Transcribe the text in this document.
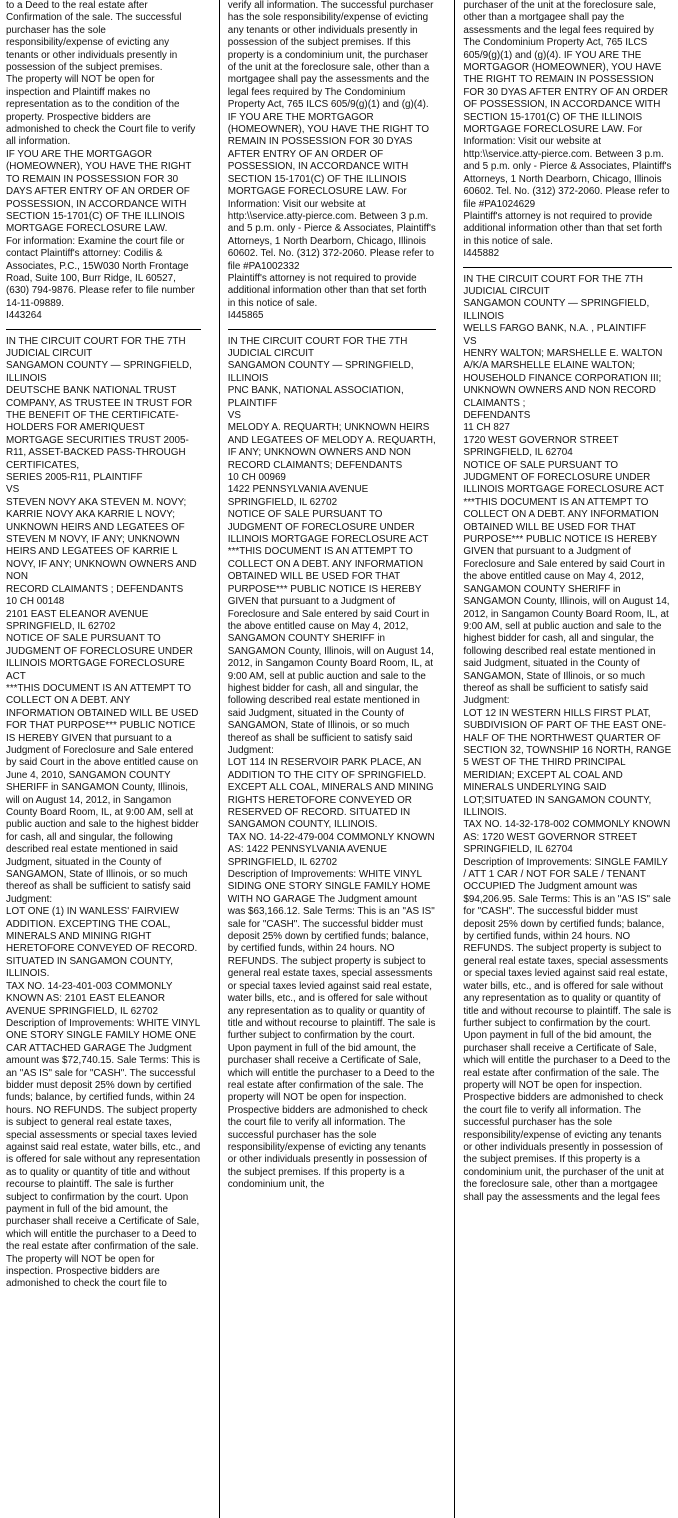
to a Deed to the real estate after Confirmation of the sale. The successful purchaser has the sole responsibility/expense of evicting any tenants or other individuals presently in possession of the subject premises.
The property will NOT be open for inspection and Plaintiff makes no representation as to the condition of the property. Prospective bidders are admonished to check the Court file to verify all information.
IF YOU ARE THE MORTGAGOR (HOMEOWNER), YOU HAVE THE RIGHT TO REMAIN IN POSSESSION FOR 30 DAYS AFTER ENTRY OF AN ORDER OF POSSESSION, IN ACCORDANCE WITH SECTION 15-1701(C) OF THE ILLINOIS MORTGAGE FORECLOSURE LAW.
For information: Examine the court file or contact Plaintiff's attorney: Codilis & Associates, P.C., 15W030 North Frontage Road, Suite 100, Burr Ridge, IL 60527, (630) 794-9876. Please refer to file number 14-11-09889.
I443264

IN THE CIRCUIT COURT FOR THE 7TH JUDICIAL CIRCUIT
SANGAMON COUNTY — SPRINGFIELD, ILLINOIS
DEUTSCHE BANK NATIONAL TRUST COMPANY, AS TRUSTEE IN TRUST FOR THE BENEFIT OF THE CERTIFICATE-HOLDERS FOR AMERIQUEST MORTGAGE SECURITIES TRUST 2005-R11, ASSET-BACKED PASS-THROUGH CERTIFICATES,
SERIES 2005-R11, PLAINTIFF
VS
STEVEN NOVY AKA STEVEN M. NOVY; KARRIE NOVY AKA KARRIE L NOVY; UNKNOWN HEIRS AND LEGATEES OF STEVEN M NOVY, IF ANY; UNKNOWN HEIRS AND LEGATEES OF KARRIE L NOVY, IF ANY; UNKNOWN OWNERS AND NON
RECORD CLAIMANTS ; DEFENDANTS
10 CH 00148
2101 EAST ELEANOR AVENUE
SPRINGFIELD, IL 62702
NOTICE OF SALE PURSUANT TO JUDGMENT OF FORECLOSURE UNDER ILLINOIS MORTGAGE FORECLOSURE ACT
***THIS DOCUMENT IS AN ATTEMPT TO COLLECT ON A DEBT. ANY INFORMATION OBTAINED WILL BE USED FOR THAT PURPOSE*** PUBLIC NOTICE IS HEREBY GIVEN that pursuant to a Judgment of Foreclosure and Sale entered by said Court in the above entitled cause on June 4, 2010, SANGAMON COUNTY SHERIFF in SANGAMON County, Illinois, will on August 14, 2012, in Sangamon County Board Room, IL, at 9:00 AM, sell at public auction and sale to the highest bidder for cash, all and singular, the following described real estate mentioned in said Judgment, situated in the County of SANGAMON, State of Illinois, or so much thereof as shall be sufficient to satisfy said Judgment:
LOT ONE (1) IN WANLESS' FAIRVIEW ADDITION. EXCEPTING THE COAL, MINERALS AND MINING RIGHT HERETOFORE CONVEYED OF RECORD. SITUATED IN SANGAMON COUNTY, ILLINOIS.
TAX NO. 14-23-401-003 COMMONLY KNOWN AS: 2101 EAST ELEANOR AVENUE SPRINGFIELD, IL 62702
Description of Improvements: WHITE VINYL ONE STORY SINGLE FAMILY HOME ONE CAR ATTACHED GARAGE The Judgment amount was $72,740.15. Sale Terms: This is an "AS IS" sale for "CASH". The successful bidder must deposit 25% down by certified funds; balance, by certified funds, within 24 hours. NO REFUNDS. The subject property is subject to general real estate taxes, special assessments or special taxes levied against said real estate, water bills, etc., and is offered for sale without any representation as to quality or quantity of title and without recourse to plaintiff. The sale is further subject to confirmation by the court. Upon payment in full of the bid amount, the purchaser shall receive a Certificate of Sale, which will entitle the purchaser to a Deed to the real estate after confirmation of the sale. The property will NOT be open for inspection. Prospective bidders are admonished to check the court file to

verify all information. The successful purchaser has the sole responsibility/expense of evicting any tenants or other individuals presently in possession of the subject premises. If this property is a condominium unit, the purchaser of the unit at the foreclosure sale, other than a mortgagee shall pay the assessments and the legal fees required by The Condominium Property Act, 765 ILCS 605/9(g)(1) and (g)(4). IF YOU ARE THE MORTGAGOR (HOMEOWNER), YOU HAVE THE RIGHT TO REMAIN IN POSSESSION FOR 30 DYAS AFTER ENTRY OF AN ORDER OF POSSESSION, IN ACCORDANCE WITH SECTION 15-1701(C) OF THE ILLINOIS MORTGAGE FORECLOSURE LAW. For Information: Visit our website at http:\\service.atty-pierce.com. Between 3 p.m. and 5 p.m. only - Pierce & Associates, Plaintiff's Attorneys, 1 North Dearborn, Chicago, Illinois 60602. Tel. No. (312) 372-2060. Please refer to file #PA1002332
Plaintiff's attorney is not required to provide additional information other than that set forth in this notice of sale.
I445865

IN THE CIRCUIT COURT FOR THE 7TH JUDICIAL CIRCUIT
SANGAMON COUNTY — SPRINGFIELD, ILLINOIS
PNC BANK, NATIONAL ASSOCIATION, PLAINTIFF
VS
MELODY A. REQUARTH; UNKNOWN HEIRS AND LEGATEES OF MELODY A. REQUARTH, IF ANY; UNKNOWN OWNERS AND NON RECORD CLAIMANTS; DEFENDANTS
10 CH 00969
1422 PENNSYLVANIA AVENUE
SPRINGFIELD, IL 62702
NOTICE OF SALE PURSUANT TO JUDGMENT OF FORECLOSURE UNDER ILLINOIS MORTGAGE FORECLOSURE ACT
***THIS DOCUMENT IS AN ATTEMPT TO COLLECT ON A DEBT. ANY INFORMATION OBTAINED WILL BE USED FOR THAT PURPOSE*** PUBLIC NOTICE IS HEREBY GIVEN that pursuant to a Judgment of Foreclosure and Sale entered by said Court in the above entitled cause on May 4, 2012, SANGAMON COUNTY SHERIFF in SANGAMON County, Illinois, will on August 14, 2012, in Sangamon County Board Room, IL, at 9:00 AM, sell at public auction and sale to the highest bidder for cash, all and singular, the following described real estate mentioned in said Judgment, situated in the County of SANGAMON, State of Illinois, or so much thereof as shall be sufficient to satisfy said Judgment:
LOT 114 IN RESERVOIR PARK PLACE, AN ADDITION TO THE CITY OF SPRINGFIELD. EXCEPT ALL COAL, MINERALS AND MINING RIGHTS HERETOFORE CONVEYED OR RESERVED OF RECORD. SITUATED IN SANGAMON COUNTY, ILLINOIS.
TAX NO. 14-22-479-004 COMMONLY KNOWN AS: 1422 PENNSYLVANIA AVENUE SPRINGFIELD, IL 62702
Description of Improvements: WHITE VINYL SIDING ONE STORY SINGLE FAMILY HOME WITH NO GARAGE The Judgment amount was $63,166.12. Sale Terms: This is an "AS IS" sale for "CASH". The successful bidder must deposit 25% down by certified funds; balance, by certified funds, within 24 hours. NO REFUNDS. The subject property is subject to general real estate taxes, special assessments or special taxes levied against said real estate, water bills, etc., and is offered for sale without any representation as to quality or quantity of title and without recourse to plaintiff. The sale is further subject to confirmation by the court. Upon payment in full of the bid amount, the purchaser shall receive a Certificate of Sale, which will entitle the purchaser to a Deed to the real estate after confirmation of the sale. The property will NOT be open for inspection. Prospective bidders are admonished to check the court file to verify all information. The successful purchaser has the sole responsibility/expense of evicting any tenants or other individuals presently in possession of the subject premises. If this property is a condominium unit, the

purchaser of the unit at the foreclosure sale, other than a mortgagee shall pay the assessments and the legal fees required by The Condominium Property Act, 765 ILCS 605/9(g)(1) and (g)(4). IF YOU ARE THE MORTGAGOR (HOMEOWNER), YOU HAVE THE RIGHT TO REMAIN IN POSSESSION FOR 30 DYAS AFTER ENTRY OF AN ORDER OF POSSESSION, IN ACCORDANCE WITH SECTION 15-1701(C) OF THE ILLINOIS MORTGAGE FORECLOSURE LAW. For Information: Visit our website at http:\\service.atty-pierce.com. Between 3 p.m. and 5 p.m. only - Pierce & Associates, Plaintiff's Attorneys, 1 North Dearborn, Chicago, Illinois 60602. Tel. No. (312) 372-2060. Please refer to file #PA1024629
Plaintiff's attorney is not required to provide additional information other than that set forth in this notice of sale.
I445882

IN THE CIRCUIT COURT FOR THE 7TH JUDICIAL CIRCUIT
SANGAMON COUNTY — SPRINGFIELD, ILLINOIS
WELLS FARGO BANK, N.A. , PLAINTIFF
VS
HENRY WALTON; MARSHELLE E. WALTON A/K/A MARSHELLE ELAINE WALTON; HOUSEHOLD FINANCE CORPORATION III; UNKNOWN OWNERS AND NON RECORD CLAIMANTS ;
DEFENDANTS
11 CH 827
1720 WEST GOVERNOR STREET
SPRINGFIELD, IL 62704
NOTICE OF SALE PURSUANT TO JUDGMENT OF FORECLOSURE UNDER ILLINOIS MORTGAGE FORECLOSURE ACT
***THIS DOCUMENT IS AN ATTEMPT TO COLLECT ON A DEBT. ANY INFORMATION OBTAINED WILL BE USED FOR THAT PURPOSE*** PUBLIC NOTICE IS HEREBY GIVEN that pursuant to a Judgment of Foreclosure and Sale entered by said Court in the above entitled cause on May 4, 2012, SANGAMON COUNTY SHERIFF in SANGAMON County, Illinois, will on August 14, 2012, in Sangamon County Board Room, IL, at 9:00 AM, sell at public auction and sale to the highest bidder for cash, all and singular, the following described real estate mentioned in said Judgment, situated in the County of SANGAMON, State of Illinois, or so much thereof as shall be sufficient to satisfy said Judgment:
LOT 12 IN WESTERN HILLS FIRST PLAT, SUBDIVISION OF PART OF THE EAST ONE-HALF OF THE NORTHWEST QUARTER OF SECTION 32, TOWNSHIP 16 NORTH, RANGE 5 WEST OF THE THIRD PRINCIPAL MERIDIAN; EXCEPT AL COAL AND MINERALS UNDERLYING SAID LOT;SITUATED IN SANGAMON COUNTY, ILLINOIS.
TAX NO. 14-32-178-002 COMMONLY KNOWN AS: 1720 WEST GOVERNOR STREET SPRINGFIELD, IL 62704
Description of Improvements: SINGLE FAMILY / ATT 1 CAR / NOT FOR SALE / TENANT OCCUPIED The Judgment amount was $94,206.95. Sale Terms: This is an "AS IS" sale for "CASH". The successful bidder must deposit 25% down by certified funds; balance, by certified funds, within 24 hours. NO REFUNDS. The subject property is subject to general real estate taxes, special assessments or special taxes levied against said real estate, water bills, etc., and is offered for sale without any representation as to quality or quantity of title and without recourse to plaintiff. The sale is further subject to confirmation by the court. Upon payment in full of the bid amount, the purchaser shall receive a Certificate of Sale, which will entitle the purchaser to a Deed to the real estate after confirmation of the sale. The property will NOT be open for inspection. Prospective bidders are admonished to check the court file to verify all information. The successful purchaser has the sole responsibility/expense of evicting any tenants or other individuals presently in possession of the subject premises. If this property is a condominium unit, the purchaser of the unit at the foreclosure sale, other than a mortgagee shall pay the assessments and the legal fees
